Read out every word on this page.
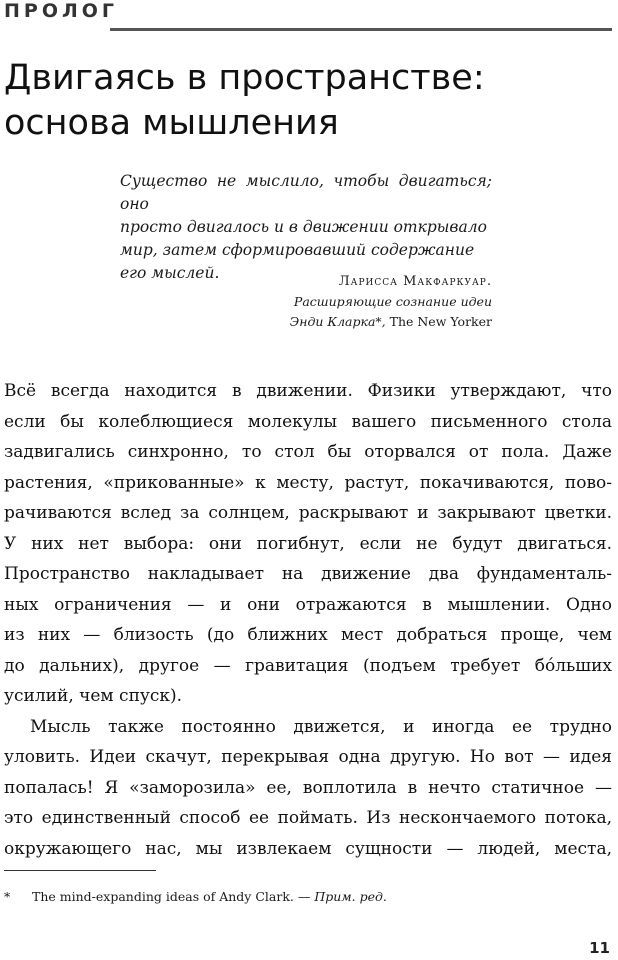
ПРОЛОГ
Двигаясь в пространстве:
основа мышления
Существо не мыслило, чтобы двигаться; оно
просто двигалось и в движении открывало
мир, затем сформировавший содержание
его мыслей.	Ларисса Макфаркуар.
Расширяющие сознание идеи
Энди Кларка*, The New Yorker
Всё всегда находится в движении. Физики утверждают, что
если бы колеблющиеся молекулы вашего письменного стола
задвигались синхронно, то стол бы оторвался от пола. Даже
растения, «прикованные» к месту, растут, покачиваются, пово-
рачиваются вслед за солнцем, раскрывают и закрывают цветки.
У них нет выбора: они погибнут, если не будут двигаться.
Пространство накладывает на движение два фундаменталь-
ных ограничения — и они отражаются в мышлении. Одно
из них — близость (до ближних мест добраться проще, чем
до дальних), другое — гравитация (подъем требует бóльших
усилий, чем спуск).
Мысль также постоянно движется, и иногда ее трудно
уловить. Идеи скачут, перекрывая одна другую. Но вот — идея
попалась! Я «заморозила» ее, воплотила в нечто статичное —
это единственный способ ее поймать. Из нескончаемого потока,
окружающего нас, мы извлекаем сущности — людей, места,
* The mind-expanding ideas of Andy Clark. — Прим. ред.
11
